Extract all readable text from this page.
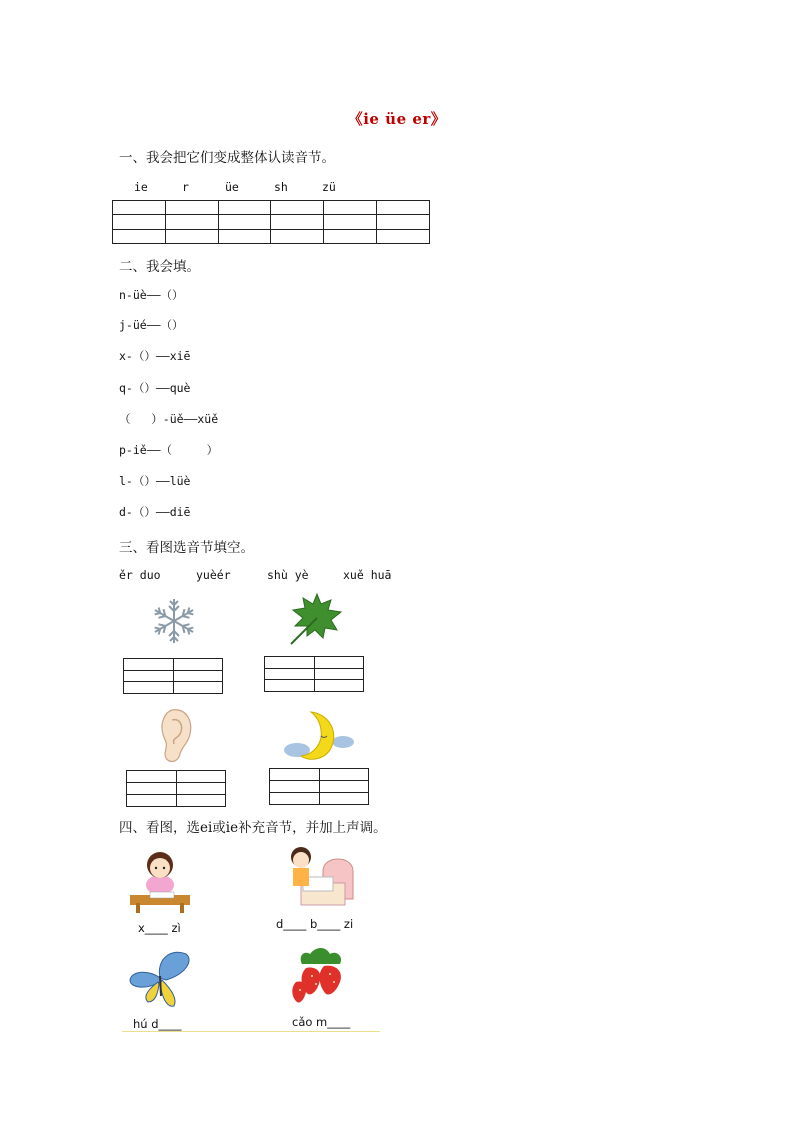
《ie üe er》
一、我会把它们变成整体认读音节。
ie	r	üe	sh	zü

二、我会填。
n-üè——（）
j-üé——（）
x-（）——xiē
q-（）——què
（   ）-üě——xüě
p-iě——（     ）
l-（）——lüè
d-（）——diē
三、看图选音节填空。
ěr duo	yuèér	shù yè	xuě huā

四、看图，选ei或ie补充音节，并加上声调。
x____ zì	d____ b____ zi
hú d____	cǎo m____
